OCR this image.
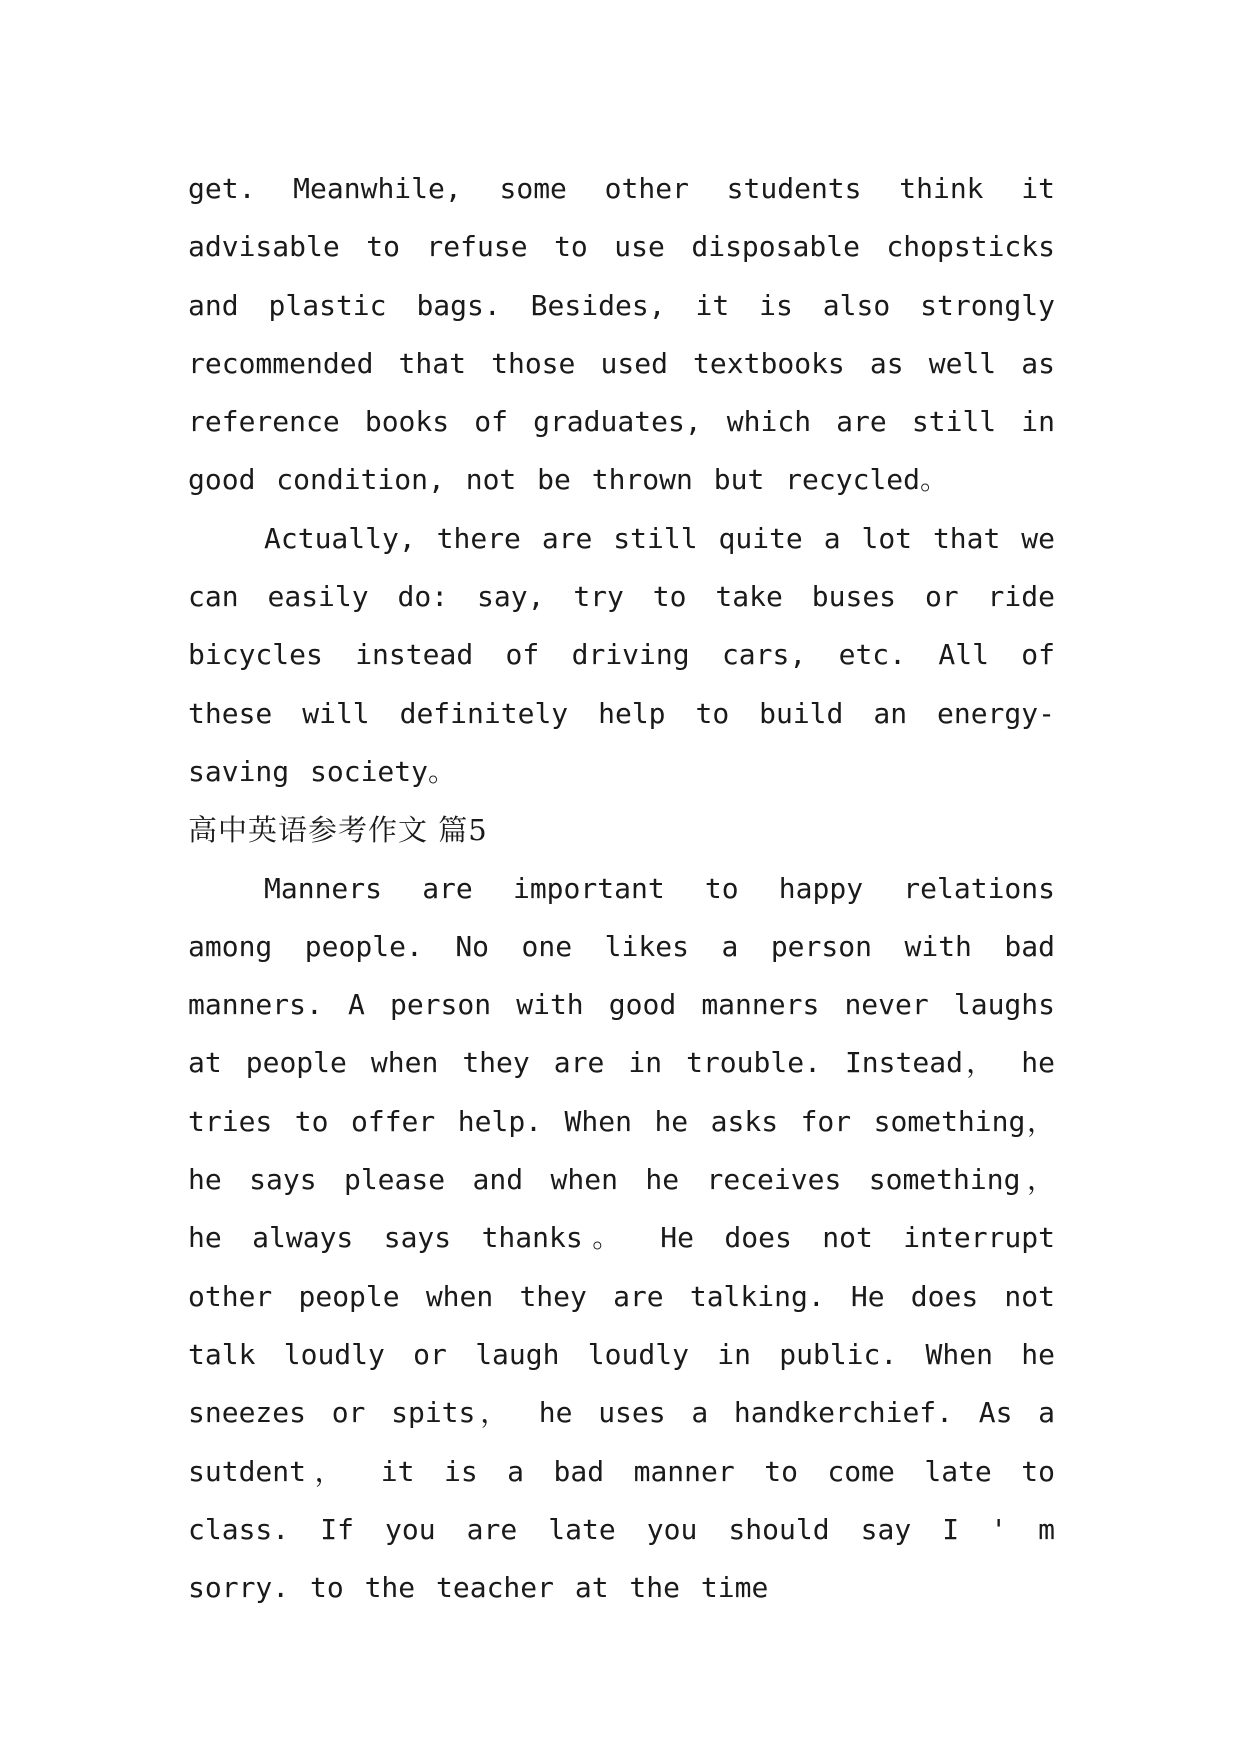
get. Meanwhile, some other students think it advisable to refuse to use disposable chopsticks and plastic bags. Besides, it is also strongly recommended that those used textbooks as well as reference books of graduates, which are still in good condition, not be thrown but recycled。

Actually, there are still quite a lot that we can easily do: say, try to take buses or ride bicycles instead of driving cars, etc. All of these will definitely help to build an energy-saving society。

高中英语参考作文 篇5

Manners are important to happy relations among people. No one likes a person with bad manners. A person with good manners never laughs at people when they are in trouble. Instead， he tries to offer help. When he asks for something， he says please and when he receives something， he always says thanks。 He does not interrupt other people when they are talking. He does not talk loudly or laugh loudly in public. When he sneezes or spits， he uses a handkerchief. As a sutdent， it is a bad manner to come late to class. If you are late you should say I ' m sorry. to the teacher at the time
